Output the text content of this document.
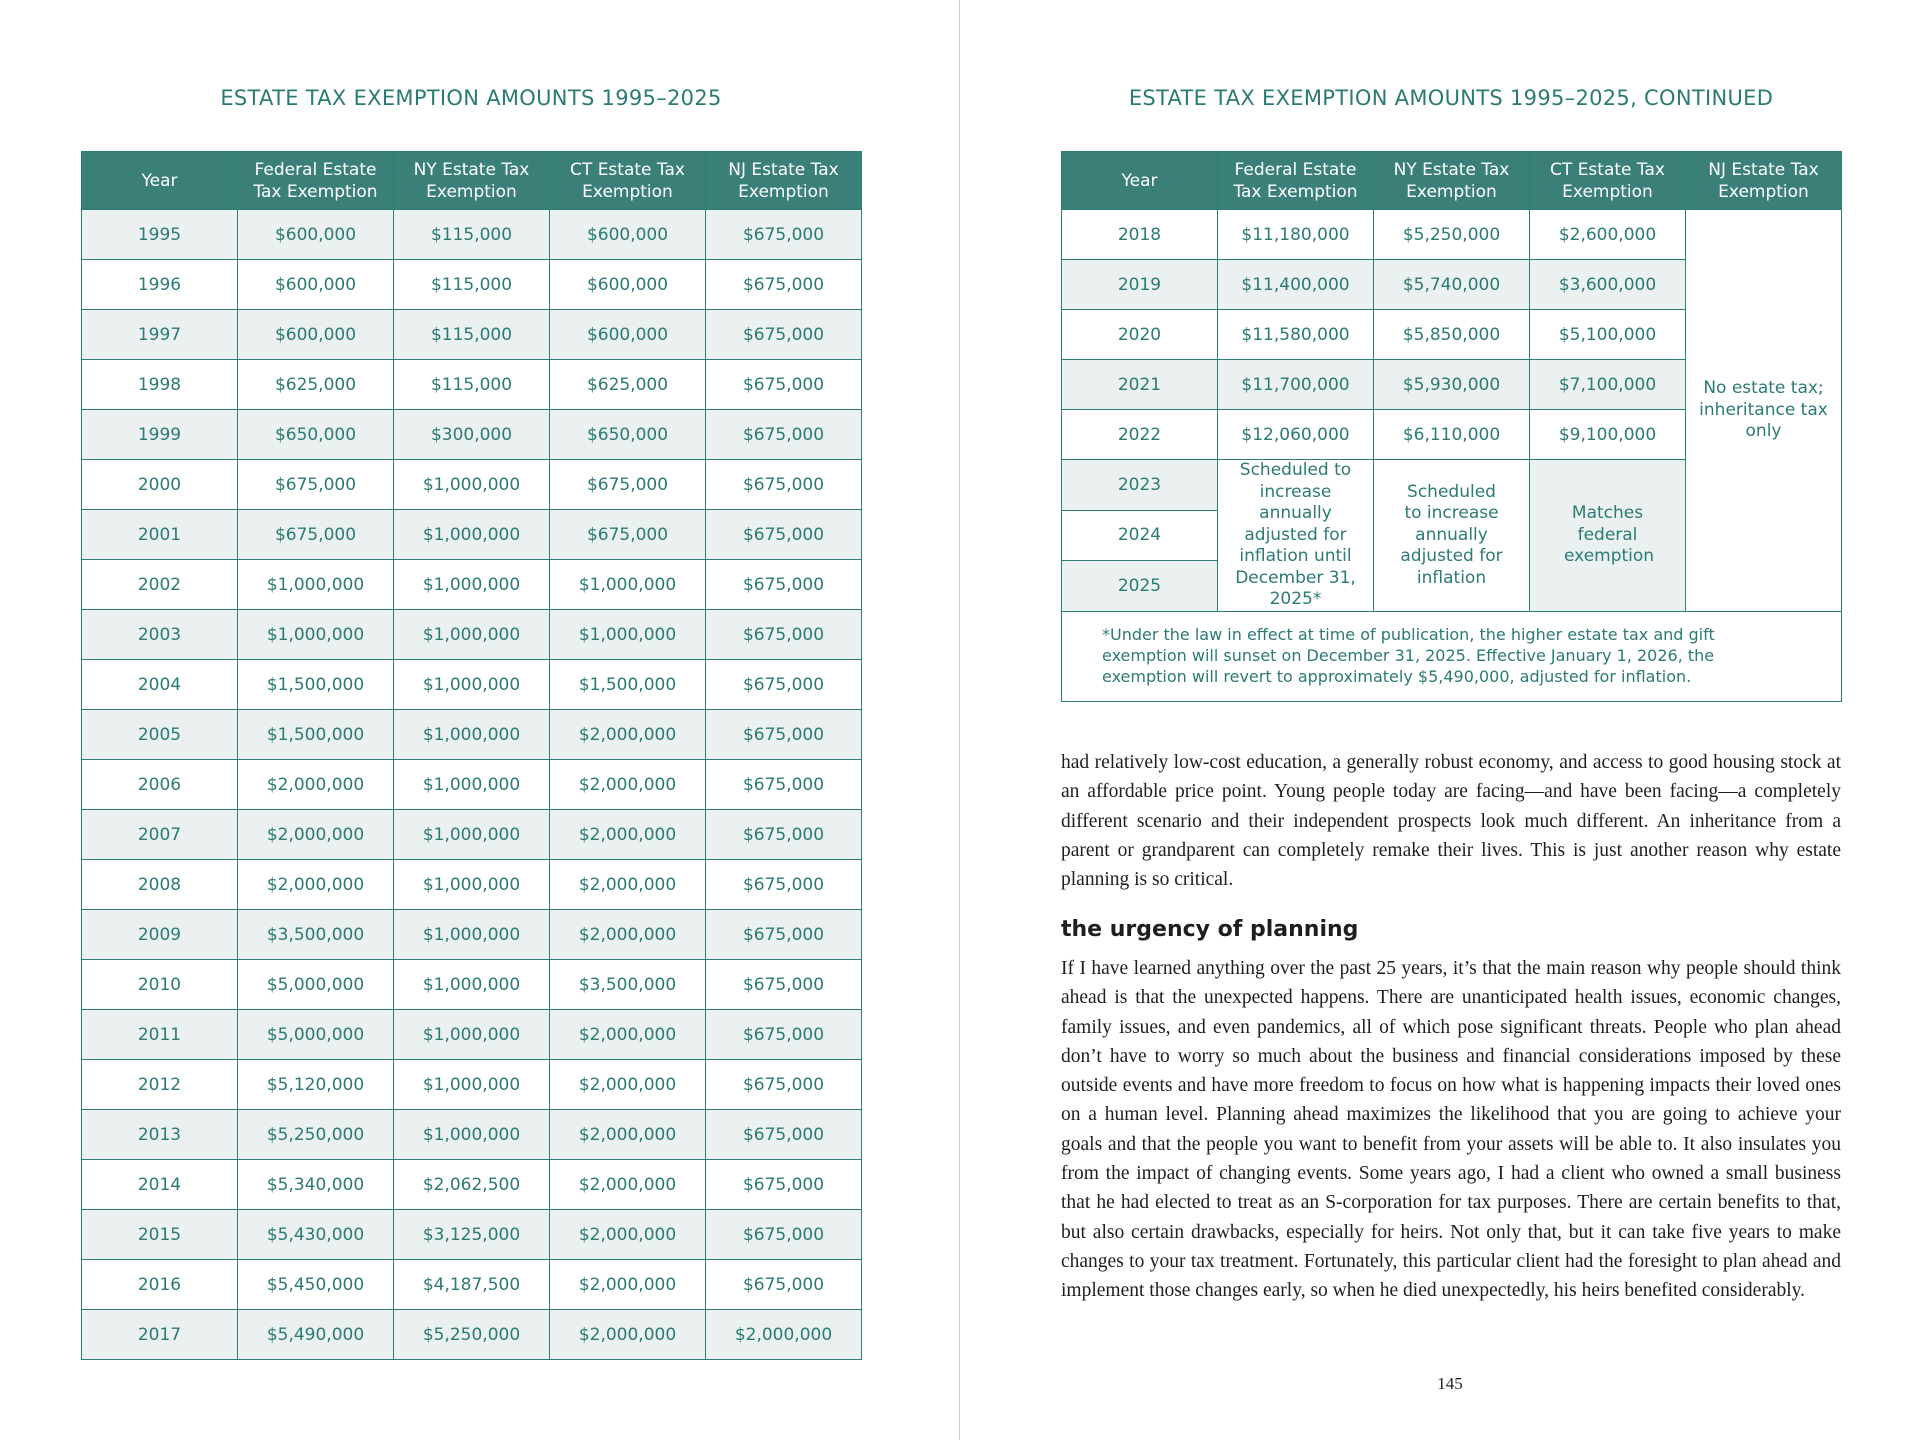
ESTATE TAX EXEMPTION AMOUNTS 1995–2025
Year	Federal Estate Tax Exemption	NY Estate Tax Exemption	CT Estate Tax Exemption	NJ Estate Tax Exemption
1995	$600,000	$115,000	$600,000	$675,000
1996	$600,000	$115,000	$600,000	$675,000
1997	$600,000	$115,000	$600,000	$675,000
1998	$625,000	$115,000	$625,000	$675,000
1999	$650,000	$300,000	$650,000	$675,000
2000	$675,000	$1,000,000	$675,000	$675,000
2001	$675,000	$1,000,000	$675,000	$675,000
2002	$1,000,000	$1,000,000	$1,000,000	$675,000
2003	$1,000,000	$1,000,000	$1,000,000	$675,000
2004	$1,500,000	$1,000,000	$1,500,000	$675,000
2005	$1,500,000	$1,000,000	$2,000,000	$675,000
2006	$2,000,000	$1,000,000	$2,000,000	$675,000
2007	$2,000,000	$1,000,000	$2,000,000	$675,000
2008	$2,000,000	$1,000,000	$2,000,000	$675,000
2009	$3,500,000	$1,000,000	$2,000,000	$675,000
2010	$5,000,000	$1,000,000	$3,500,000	$675,000
2011	$5,000,000	$1,000,000	$2,000,000	$675,000
2012	$5,120,000	$1,000,000	$2,000,000	$675,000
2013	$5,250,000	$1,000,000	$2,000,000	$675,000
2014	$5,340,000	$2,062,500	$2,000,000	$675,000
2015	$5,430,000	$3,125,000	$2,000,000	$675,000
2016	$5,450,000	$4,187,500	$2,000,000	$675,000
2017	$5,490,000	$5,250,000	$2,000,000	$2,000,000
ESTATE TAX EXEMPTION AMOUNTS 1995–2025, CONTINUED
Year	Federal Estate Tax Exemption	NY Estate Tax Exemption	CT Estate Tax Exemption	NJ Estate Tax Exemption
2018	$11,180,000	$5,250,000	$2,600,000	No estate tax; inheritance tax only
2019	$11,400,000	$5,740,000	$3,600,000	
2020	$11,580,000	$5,850,000	$5,100,000	
2021	$11,700,000	$5,930,000	$7,100,000	
2022	$12,060,000	$6,110,000	$9,100,000	
2023	Scheduled to increase annually adjusted for inflation until December 31, 2025*	Scheduled to increase annually adjusted for inflation	Matches federal exemption	
2024				
2025				
*Under the law in effect at time of publication, the higher estate tax and gift exemption will sunset on December 31, 2025. Effective January 1, 2026, the exemption will revert to approximately $5,490,000, adjusted for inflation.				

had relatively low-cost education, a generally robust economy, and access to good housing stock at an affordable price point. Young people today are facing—and have been facing—a completely different scenario and their independent prospects look much different. An inheritance from a parent or grandparent can completely remake their lives. This is just another reason why estate planning is so critical.

the urgency of planning

If I have learned anything over the past 25 years, it’s that the main reason why people should think ahead is that the unexpected happens. There are unanticipated health issues, economic changes, family issues, and even pandemics, all of which pose significant threats. People who plan ahead don’t have to worry so much about the business and financial considerations imposed by these outside events and have more freedom to focus on how what is happening impacts their loved ones on a human level. Planning ahead maximizes the likelihood that you are going to achieve your goals and that the people you want to benefit from your assets will be able to. It also insulates you from the impact of changing events. Some years ago, I had a client who owned a small business that he had elected to treat as an S-corporation for tax purposes. There are certain benefits to that, but also certain drawbacks, especially for heirs. Not only that, but it can take five years to make changes to your tax treatment. Fortunately, this particular client had the foresight to plan ahead and implement those changes early, so when he died unexpectedly, his heirs benefited considerably.

145
